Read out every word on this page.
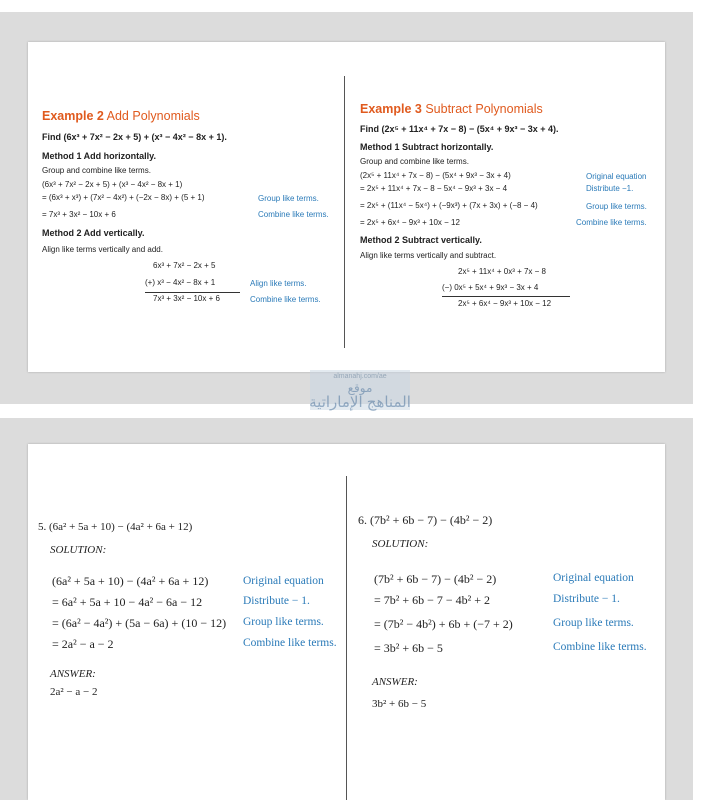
Example 2 Add Polynomials
Find (6x³ + 7x² − 2x + 5) + (x³ − 4x² − 8x + 1).
Method 1 Add horizontally.
Group and combine like terms.
(6x³ + 7x² − 2x + 5) + (x³ − 4x² − 8x + 1)
= (6x³ + x³) + (7x² − 4x²) + (−2x − 8x) + (5 + 1)	Group like terms.
= 7x³ + 3x² − 10x + 6	Combine like terms.
Method 2 Add vertically.
Align like terms vertically and add.
6x³ + 7x² − 2x + 5
(+) x³ − 4x² − 8x + 1	Align like terms.
7x³ + 3x² − 10x + 6	Combine like terms.
Example 3 Subtract Polynomials
Find (2x⁵ + 11x⁴ + 7x − 8) − (5x⁴ + 9x³ − 3x + 4).
Method 1 Subtract horizontally.
Group and combine like terms.
(2x⁵ + 11x⁴ + 7x − 8) − (5x⁴ + 9x³ − 3x + 4)	Original equation
= 2x⁵ + 11x⁴ + 7x − 8 − 5x⁴ − 9x³ + 3x − 4	Distribute −1.
= 2x⁵ + (11x⁴ − 5x⁴) + (−9x³) + (7x + 3x) + (−8 − 4)	Group like terms.
= 2x⁵ + 6x⁴ − 9x³ + 10x − 12	Combine like terms.
Method 2 Subtract vertically.
Align like terms vertically and subtract.
2x⁵ + 11x⁴ + 0x³ + 7x − 8
(−) 0x⁵ + 5x⁴ + 9x³ − 3x + 4
2x⁵ + 6x⁴ − 9x³ + 10x − 12
almanahj.com/ae
موقع
المناهج الإماراتية
5. (6a² + 5a + 10) − (4a² + 6a + 12)
SOLUTION:
(6a² + 5a + 10) − (4a² + 6a + 12)	Original equation
= 6a² + 5a + 10 − 4a² − 6a − 12	Distribute − 1.
= (6a² − 4a²) + (5a − 6a) + (10 − 12) Group like terms.
= 2a² − a − 2	Combine like terms.
ANSWER:
2a² − a − 2
6. (7b² + 6b − 7) − (4b² − 2)
SOLUTION:
(7b² + 6b − 7) − (4b² − 2)	Original equation
= 7b² + 6b − 7 − 4b² + 2	Distribute − 1.
= (7b² − 4b²) + 6b + (−7 + 2)	Group like terms.
= 3b² + 6b − 5	Combine like terms.
ANSWER:
3b² + 6b − 5
